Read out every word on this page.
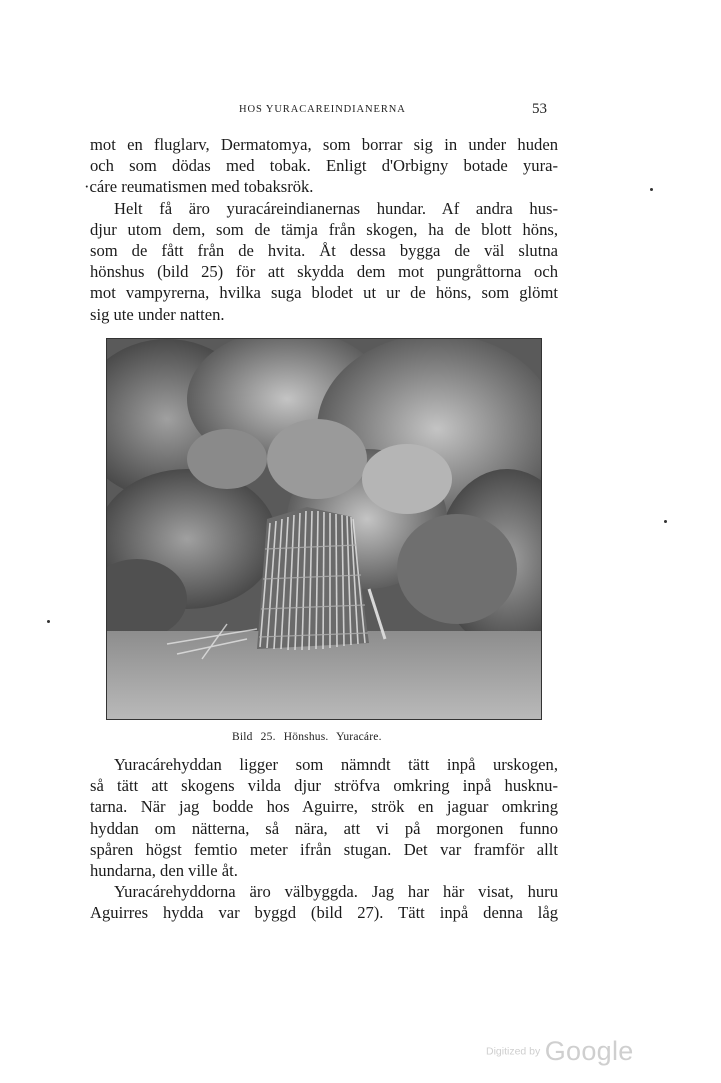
HOS YURACAREINDIANERNA	53
mot en fluglarv, Dermatomya, som borrar sig in under huden
och som dödas med tobak. Enligt d'Orbigny botade yura-
·cáre reumatismen med tobaksrök.
Helt få äro yuracáreindianernas hundar. Af andra hus-
djur utom dem, som de tämja från skogen, ha de blott höns,
som de fått från de hvita. Åt dessa bygga de väl slutna
hönshus (bild 25) för att skydda dem mot pungråttorna och
mot vampyrerna, hvilka suga blodet ut ur de höns, som glömt
sig ute under natten.
Bild 25. Hönshus. Yuracáre.
Yuracárehyddan ligger som nämndt tätt inpå urskogen,
så tätt att skogens vilda djur ströfva omkring inpå husknu-
tarna. När jag bodde hos Aguirre, strök en jaguar omkring
hyddan om nätterna, så nära, att vi på morgonen funno
spåren högst femtio meter ifrån stugan. Det var framför allt
hundarna, den ville åt.
Yuracárehyddorna äro välbyggda. Jag har här visat, huru
Aguirres hydda var byggd (bild 27). Tätt inpå denna låg
Digitized by Google
